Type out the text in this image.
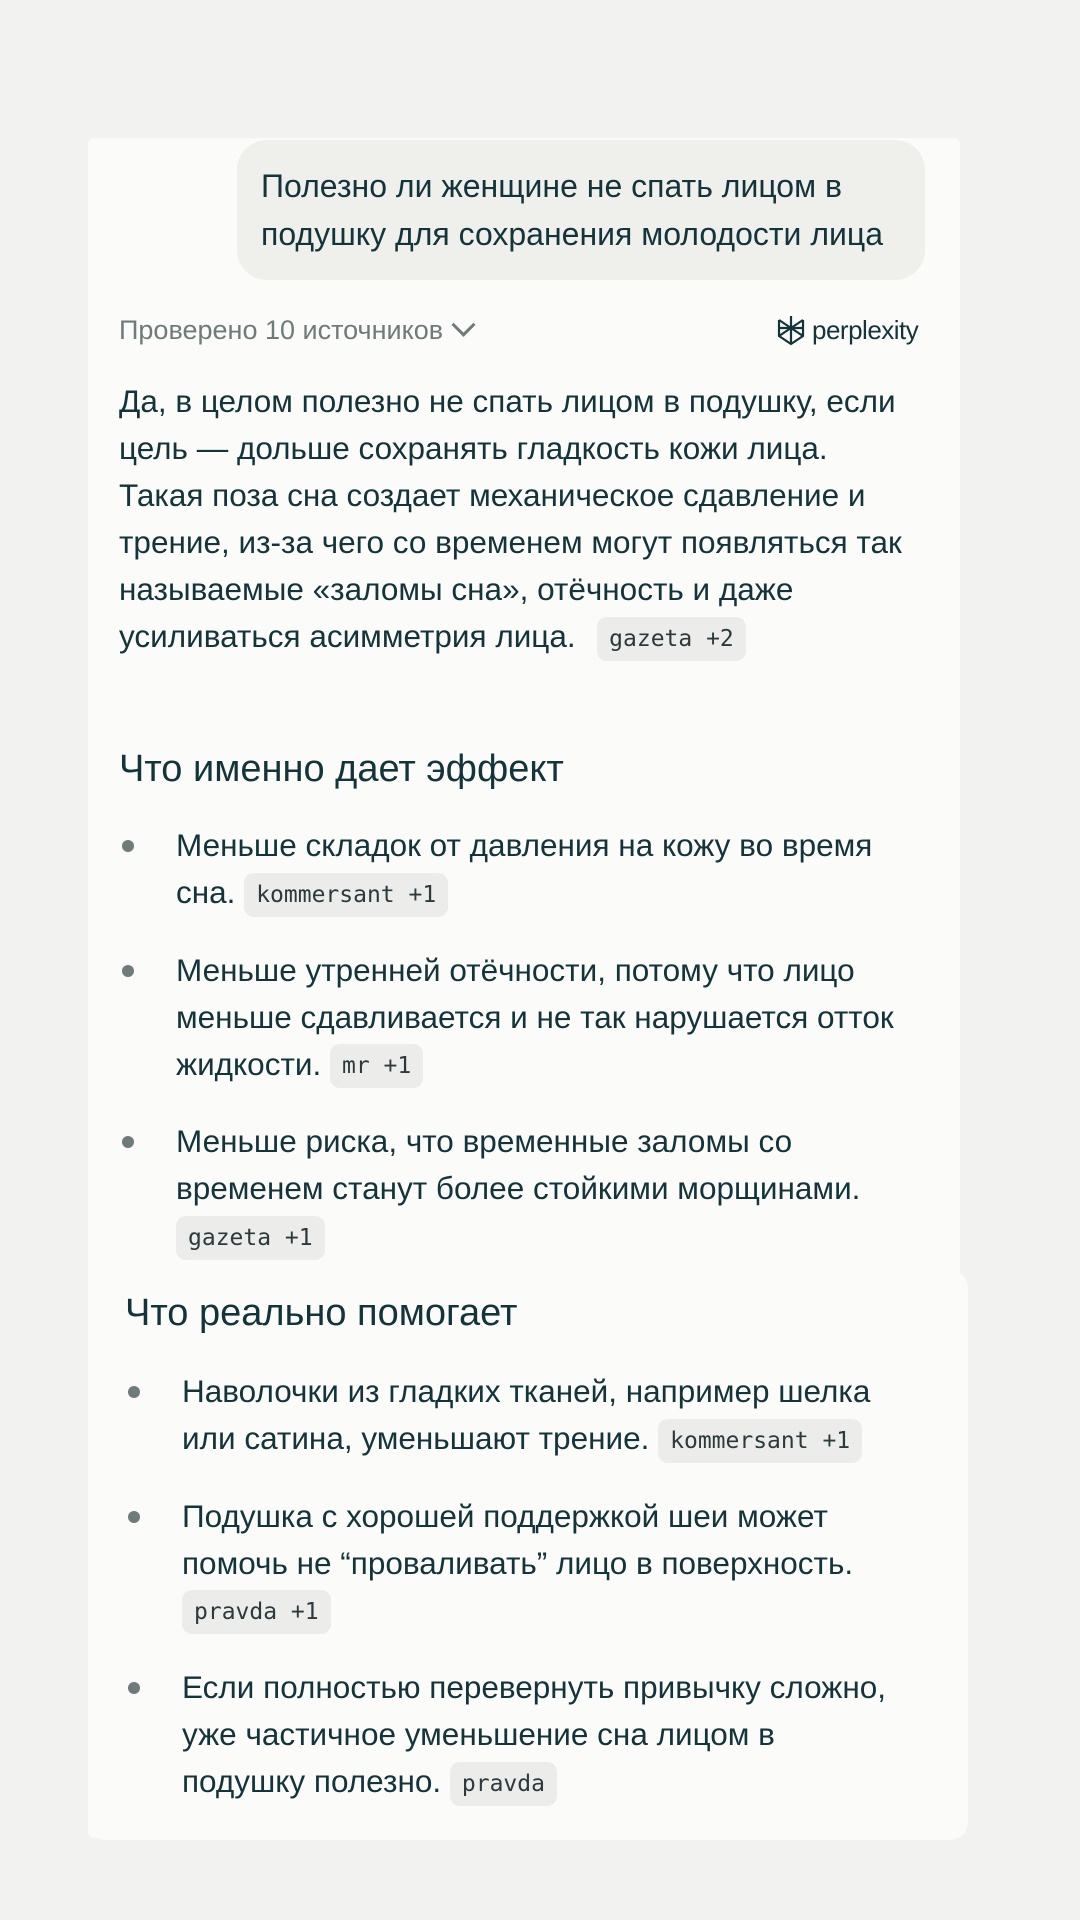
Полезно ли женщине не спать лицом в подушку для сохранения молодости лица
Проверено 10 источников	perplexity
Да, в целом полезно не спать лицом в подушку, если цель — дольше сохранять гладкость кожи лица. Такая поза сна создает механическое сдавление и трение, из-за чего со временем могут появляться так называемые «заломы сна», отёчность и даже усиливаться асимметрия лица. gazeta +2
Что именно дает эффект
Меньше складок от давления на кожу во время сна. kommersant +1
Меньше утренней отёчности, потому что лицо меньше сдавливается и не так нарушается отток жидкости. mr +1
Меньше риска, что временные заломы со временем станут более стойкими морщинами. gazeta +1
Что реально помогает
Наволочки из гладких тканей, например шелка или сатина, уменьшают трение. kommersant +1
Подушка с хорошей поддержкой шеи может помочь не “проваливать” лицо в поверхность. pravda +1
Если полностью перевернуть привычку сложно, уже частичное уменьшение сна лицом в подушку полезно. pravda
